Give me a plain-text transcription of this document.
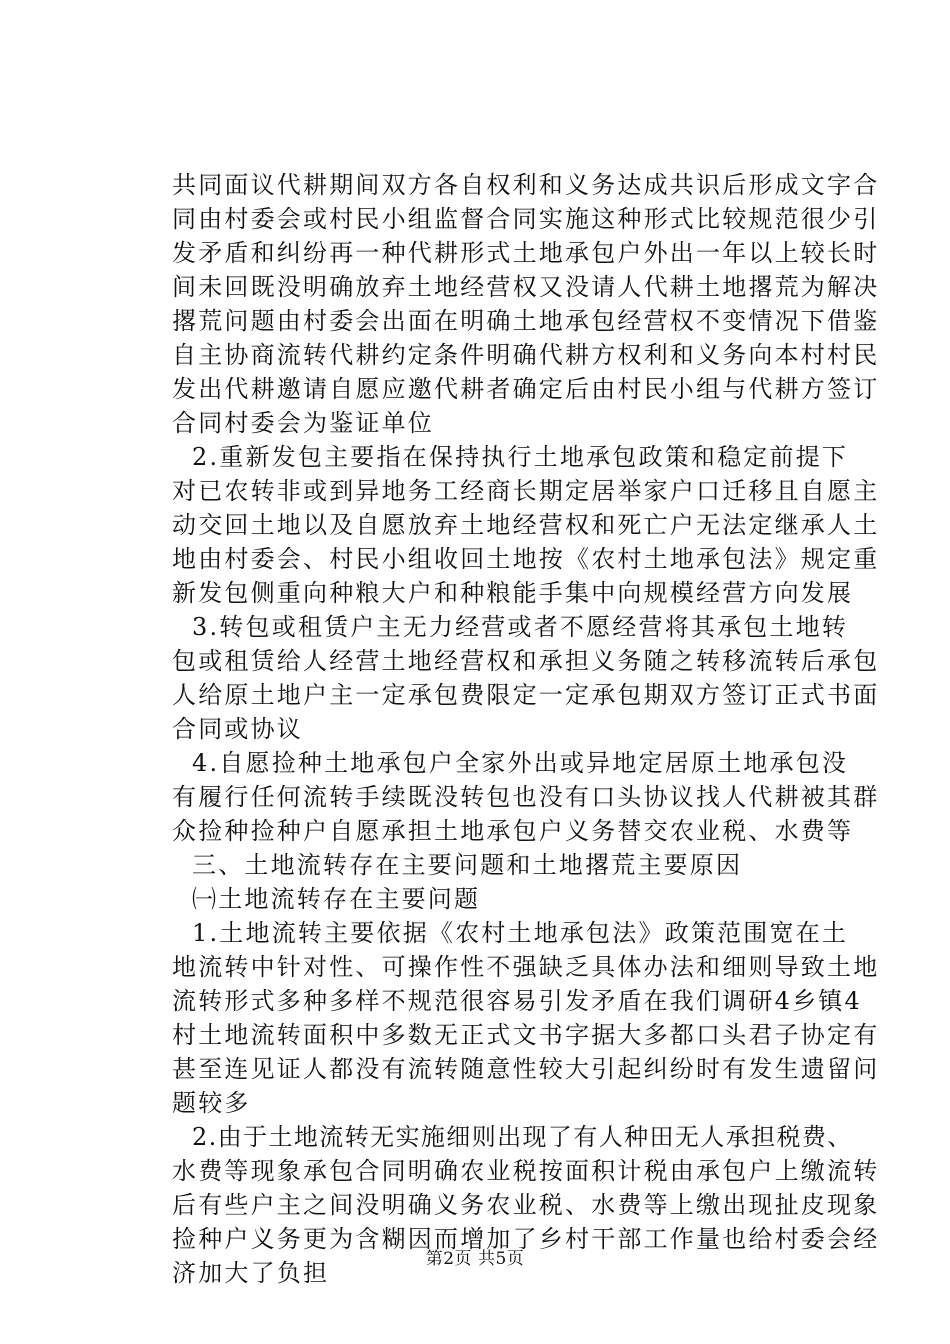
共同面议代耕期间双方各自权利和义务达成共识后形成文字合
同由村委会或村民小组监督合同实施这种形式比较规范很少引
发矛盾和纠纷再一种代耕形式土地承包户外出一年以上较长时
间未回既没明确放弃土地经营权又没请人代耕土地撂荒为解决
撂荒问题由村委会出面在明确土地承包经营权不变情况下借鉴
自主协商流转代耕约定条件明确代耕方权利和义务向本村村民
发出代耕邀请自愿应邀代耕者确定后由村民小组与代耕方签订
合同村委会为鉴证单位
2.重新发包主要指在保持执行土地承包政策和稳定前提下
对已农转非或到异地务工经商长期定居举家户口迁移且自愿主
动交回土地以及自愿放弃土地经营权和死亡户无法定继承人土
地由村委会、村民小组收回土地按《农村土地承包法》规定重
新发包侧重向种粮大户和种粮能手集中向规模经营方向发展
3.转包或租赁户主无力经营或者不愿经营将其承包土地转
包或租赁给人经营土地经营权和承担义务随之转移流转后承包
人给原土地户主一定承包费限定一定承包期双方签订正式书面
合同或协议
4.自愿捡种土地承包户全家外出或异地定居原土地承包没
有履行任何流转手续既没转包也没有口头协议找人代耕被其群
众捡种捡种户自愿承担土地承包户义务替交农业税、水费等
三、土地流转存在主要问题和土地撂荒主要原因
㈠土地流转存在主要问题
1.土地流转主要依据《农村土地承包法》政策范围宽在土
地流转中针对性、可操作性不强缺乏具体办法和细则导致土地
流转形式多种多样不规范很容易引发矛盾在我们调研4乡镇4
村土地流转面积中多数无正式文书字据大多都口头君子协定有
甚至连见证人都没有流转随意性较大引起纠纷时有发生遗留问
题较多
2.由于土地流转无实施细则出现了有人种田无人承担税费、
水费等现象承包合同明确农业税按面积计税由承包户上缴流转
后有些户主之间没明确义务农业税、水费等上缴出现扯皮现象
捡种户义务更为含糊因而增加了乡村干部工作量也给村委会经
济加大了负担	第2页 共5页
